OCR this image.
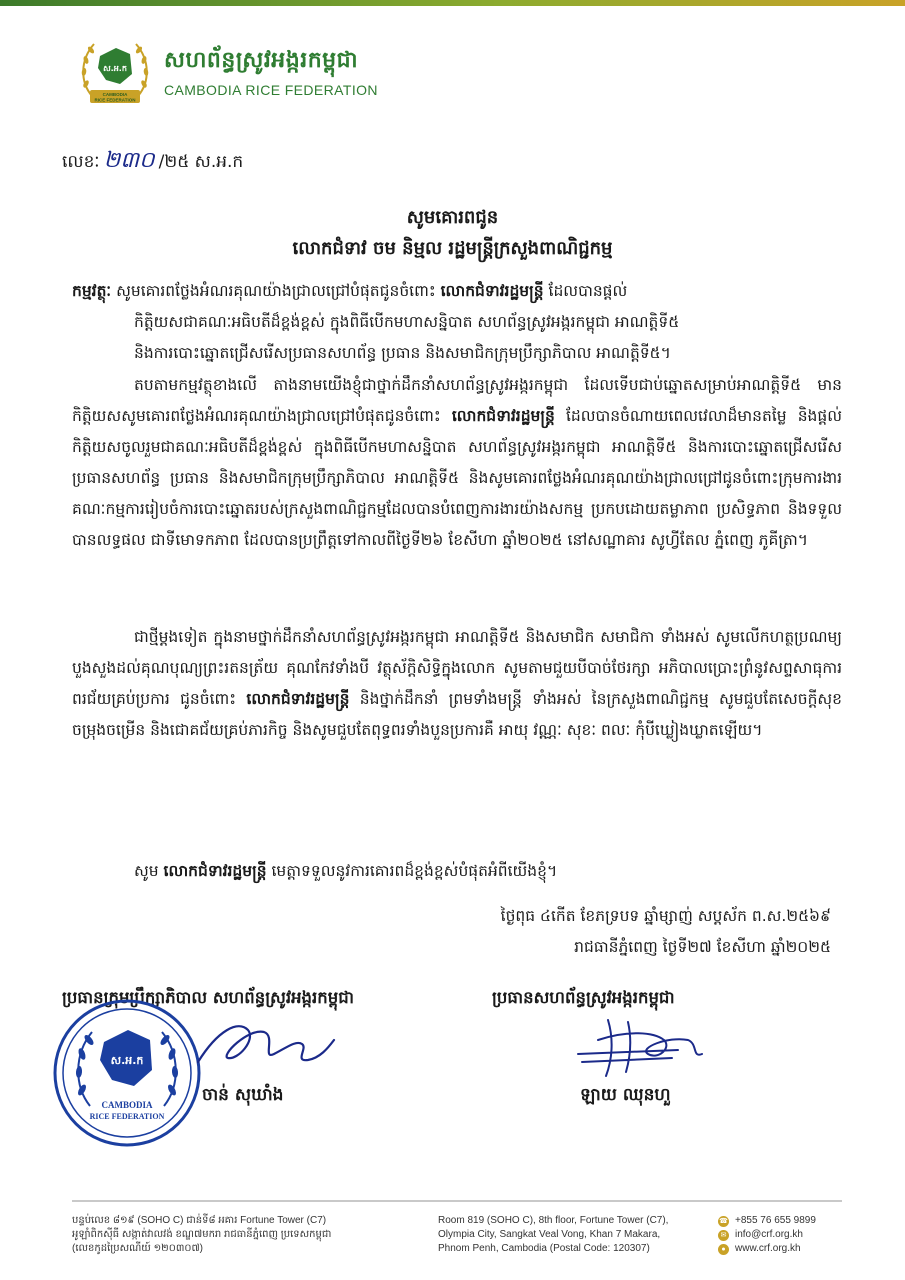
ស.អ.ក
CAMBODIA
RICE FEDERATION
សហព័ន្ធស្រូវអង្ករកម្ពុជា
CAMBODIA RICE FEDERATION
លេខៈ ២៣០ /២៥ ស.អ.ក
សូមគោរពជូន
លោកជំទាវ ចម និម្មល រដ្ឋមន្ត្រីក្រសួងពាណិជ្ជកម្ម
កម្មវត្ថុៈ សូមគោរពថ្លែងអំណរគុណយ៉ាងជ្រាលជ្រៅបំផុតជូនចំពោះ លោកជំទាវរដ្ឋមន្ត្រី ដែលបានផ្តល់
កិត្តិយសជាគណៈអធិបតីដ៏ខ្ពង់ខ្ពស់ ក្នុងពិធីបើកមហាសន្និបាត សហព័ន្ធស្រូវអង្ករកម្ពុជា អាណត្តិទី៥
និងការបោះឆ្នោតជ្រើសរើសប្រធានសហព័ន្ធ ប្រធាន និងសមាជិកក្រុមប្រឹក្សាភិបាល អាណត្តិទី៥។
តបតាមកម្មវត្ថុខាងលើ តាងនាមយើងខ្ញុំជាថ្នាក់ដឹកនាំសហព័ន្ធស្រូវអង្ករកម្ពុជា ដែលទើបជាប់ឆ្នោតសម្រាប់អាណត្តិទី៥ មានកិត្តិយសសូមគោរពថ្លែងអំណរគុណយ៉ាងជ្រាលជ្រៅបំផុតជូនចំពោះ លោកជំទាវរដ្ឋមន្ត្រី ដែលបានចំណាយពេលវេលាដ៏មានតម្លៃ និងផ្តល់កិត្តិយសចូលរួមជាគណៈអធិបតីដ៏ខ្ពង់ខ្ពស់ ក្នុងពិធីបើកមហាសន្និបាត សហព័ន្ធស្រូវអង្ករកម្ពុជា អាណត្តិទី៥ និងការបោះឆ្នោតជ្រើសរើសប្រធានសហព័ន្ធ ប្រធាន និងសមាជិកក្រុមប្រឹក្សាភិបាល អាណត្តិទី៥ និងសូមគោរពថ្លែងអំណរគុណយ៉ាងជ្រាលជ្រៅជូនចំពោះក្រុមការងារគណៈកម្មការរៀបចំការបោះឆ្នោតរបស់ក្រសួងពាណិជ្ជកម្មដែលបានបំពេញការងារយ៉ាងសកម្ម ប្រកបដោយតម្លាភាព ប្រសិទ្ធភាព និងទទួលបានលទ្ធផល ជាទីមោទកភាព ដែលបានប្រព្រឹត្តទៅកាលពីថ្ងៃទី២៦ ខែសីហា ឆ្នាំ២០២៥ នៅសណ្ឋាគារ សូហ្វីតែល ភ្នំពេញ ភូគីត្រា។
ជាថ្មីម្តងទៀត ក្នុងនាមថ្នាក់ដឹកនាំសហព័ន្ធស្រូវអង្ករកម្ពុជា អាណត្តិទី៥ និងសមាជិក សមាជិកា ទាំងអស់ សូមលើកហត្ថប្រណម្យបួងសួងដល់គុណបុណ្យព្រះរតនត្រ័យ គុណកែវទាំងបី វត្ថុស័ក្តិសិទ្ធិក្នុងលោក សូមតាមជួយបីបាច់ថែរក្សា អភិបាលប្រោះព្រំនូវសព្ទសាធុការពរជ័យគ្រប់ប្រការ ជូនចំពោះ លោកជំទាវរដ្ឋមន្ត្រី និងថ្នាក់ដឹកនាំ ព្រមទាំងមន្ត្រី ទាំងអស់ នៃក្រសួងពាណិជ្ជកម្ម សូមជួបតែសេចក្តីសុខ ចម្រុងចម្រើន និងជោគជ័យគ្រប់ភារកិច្ច និងសូមជួបតែពុទ្ធពរទាំងបួនប្រការគឺ អាយុ វណ្ណៈ សុខៈ ពលៈ កុំបីឃ្លៀងឃ្លាតឡើយ។
សូម លោកជំទាវរដ្ឋមន្ត្រី មេត្តាទទួលនូវការគោរពដ៏ខ្ពង់ខ្ពស់បំផុតអំពីយើងខ្ញុំ។
ថ្ងៃពុធ ៤កើត ខែភទ្របទ ឆ្នាំម្សាញ់ សប្តស័ក ព.ស.២៥៦៩
រាជធានីភ្នំពេញ ថ្ងៃទី២៧ ខែសីហា ឆ្នាំ២០២៥
ប្រធានក្រុមប្រឹក្សាភិបាល សហព័ន្ធស្រូវអង្ករកម្ពុជា	ប្រធានសហព័ន្ធស្រូវអង្ករកម្ពុជា
ស.អ.ក
CAMBODIA
RICE FEDERATION
ចាន់ សុឃាំង	ឡាយ ឈុនហួ
បន្ទប់លេខ ៨១៩ (SOHO C) ជាន់ទី៨ អគារ Fortune Tower (C7)
អូឡាំពិកស៊ីធី សង្កាត់វាលវង់ ខណ្ឌ៧មករា រាជធានីភ្នំពេញ ប្រទេសកម្ពុជា
(លេខកូដប្រៃសណីយ៍ ១២០៣០៧)
Room 819 (SOHO C), 8th floor, Fortune Tower (C7),
Olympia City, Sangkat Veal Vong, Khan 7 Makara,
Phnom Penh, Cambodia (Postal Code: 120307)
☎ +855 76 655 9899
✉ info@crf.org.kh
● www.crf.org.kh
